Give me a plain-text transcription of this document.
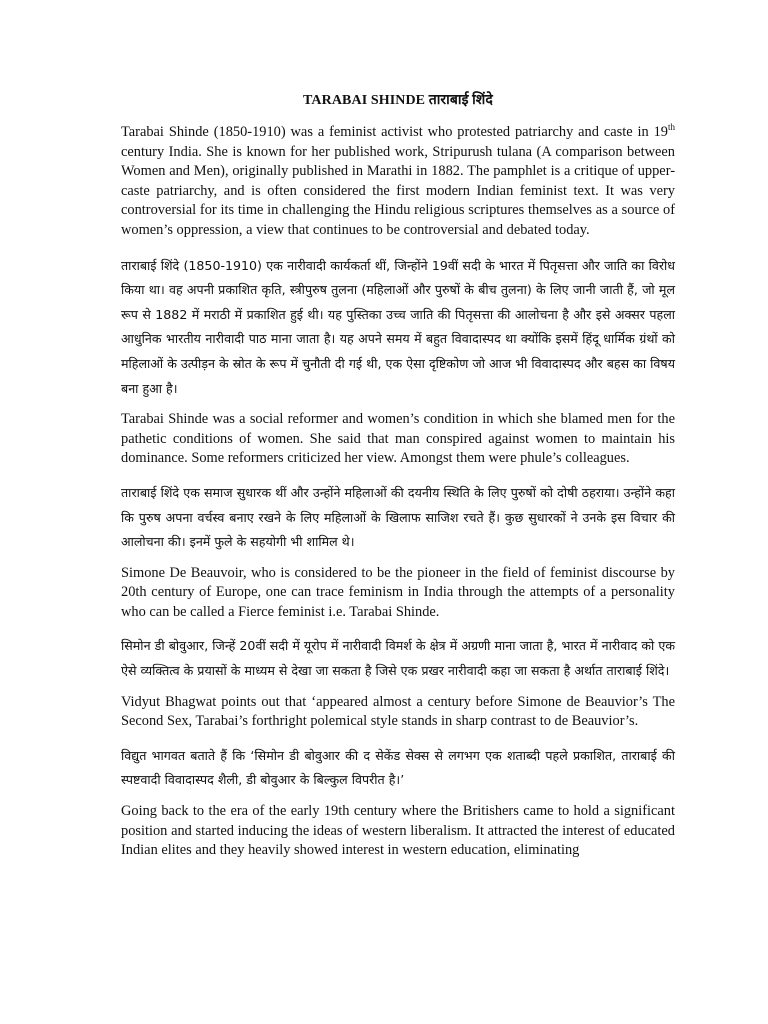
TARABAI SHINDE ताराबाई शिंदे

Tarabai Shinde (1850-1910) was a feminist activist who protested patriarchy and caste in 19th century India. She is known for her published work, Stripurush tulana (A comparison between Women and Men), originally published in Marathi in 1882. The pamphlet is a critique of upper-caste patriarchy, and is often considered the first modern Indian feminist text. It was very controversial for its time in challenging the Hindu religious scriptures themselves as a source of women’s oppression, a view that continues to be controversial and debated today.

ताराबाई शिंदे (1850-1910) एक नारीवादी कार्यकर्ता थीं, जिन्होंने 19वीं सदी के भारत में पितृसत्ता और जाति का विरोध किया था। वह अपनी प्रकाशित कृति, स्त्रीपुरुष तुलना (महिलाओं और पुरुषों के बीच तुलना) के लिए जानी जाती हैं, जो मूल रूप से 1882 में मराठी में प्रकाशित हुई थी। यह पुस्तिका उच्च जाति की पितृसत्ता की आलोचना है और इसे अक्सर पहला आधुनिक भारतीय नारीवादी पाठ माना जाता है। यह अपने समय में बहुत विवादास्पद था क्योंकि इसमें हिंदू धार्मिक ग्रंथों को महिलाओं के उत्पीड़न के स्रोत के रूप में चुनौती दी गई थी, एक ऐसा दृष्टिकोण जो आज भी विवादास्पद और बहस का विषय बना हुआ है।

Tarabai Shinde was a social reformer and women’s condition in which she blamed men for the pathetic conditions of women. She said that man conspired against women to maintain his dominance. Some reformers criticized her view. Amongst them were phule’s colleagues.

ताराबाई शिंदे एक समाज सुधारक थीं और उन्होंने महिलाओं की दयनीय स्थिति के लिए पुरुषों को दोषी ठहराया। उन्होंने कहा कि पुरुष अपना वर्चस्व बनाए रखने के लिए महिलाओं के खिलाफ साजिश रचते हैं। कुछ सुधारकों ने उनके इस विचार की आलोचना की। इनमें फुले के सहयोगी भी शामिल थे।

Simone De Beauvoir, who is considered to be the pioneer in the field of feminist discourse by 20th century of Europe, one can trace feminism in India through the attempts of a personality who can be called a Fierce feminist i.e. Tarabai Shinde.

सिमोन डी बोवुआर, जिन्हें 20वीं सदी में यूरोप में नारीवादी विमर्श के क्षेत्र में अग्रणी माना जाता है, भारत में नारीवाद को एक ऐसे व्यक्तित्व के प्रयासों के माध्यम से देखा जा सकता है जिसे एक प्रखर नारीवादी कहा जा सकता है अर्थात ताराबाई शिंदे।

Vidyut Bhagwat points out that ‘appeared almost a century before Simone de Beauvior’s The Second Sex, Tarabai’s forthright polemical style stands in sharp contrast to de Beauvior’s.

विद्युत भागवत बताते हैं कि ‘सिमोन डी बोवुआर की द सेकेंड सेक्स से लगभग एक शताब्दी पहले प्रकाशित, ताराबाई की स्पष्टवादी विवादास्पद शैली, डी बोवुआर के बिल्कुल विपरीत है।’

Going back to the era of the early 19th century where the Britishers came to hold a significant position and started inducing the ideas of western liberalism. It attracted the interest of educated Indian elites and they heavily showed interest in western education, eliminating
